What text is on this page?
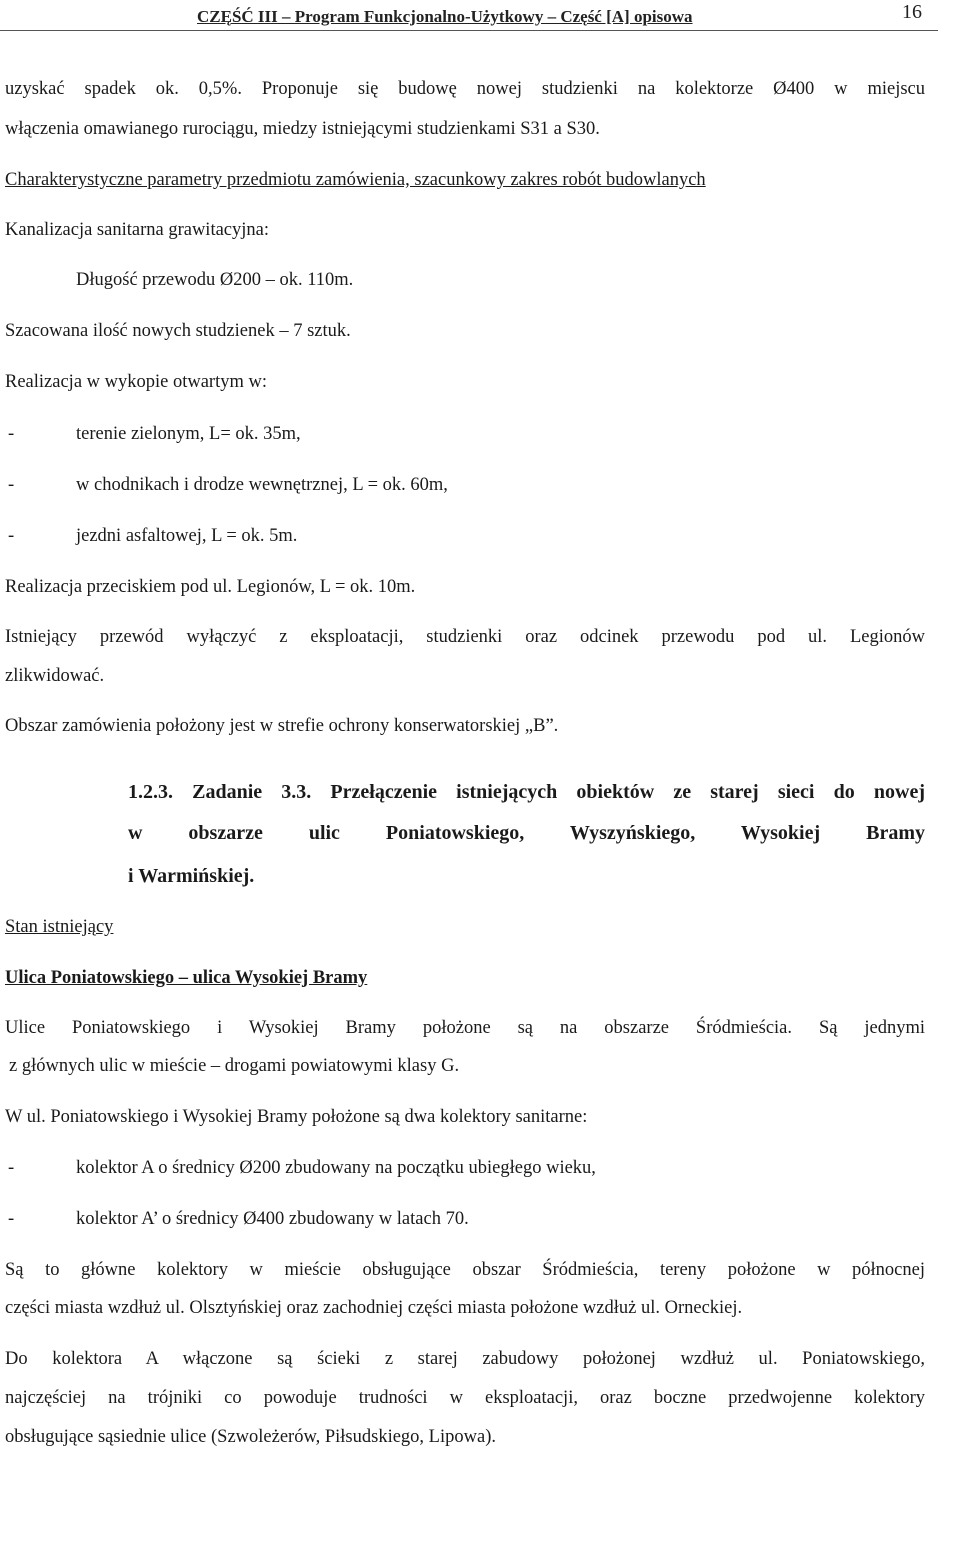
CZĘŚĆ III – Program Funkcjonalno-Użytkowy – Część [A] opisowa	16
uzyskać spadek ok. 0,5%. Proponuje się budowę nowej studzienki na kolektorze Ø400 w miejscu
włączenia omawianego rurociągu, miedzy istniejącymi studzienkami S31 a S30.
Charakterystyczne parametry przedmiotu zamówienia, szacunkowy zakres robót budowlanych
Kanalizacja sanitarna grawitacyjna:
Długość przewodu Ø200 – ok. 110m.
Szacowana ilość nowych studzienek – 7 sztuk.
Realizacja w wykopie otwartym w:
-	terenie zielonym, L= ok. 35m,
-	w chodnikach i drodze wewnętrznej, L = ok. 60m,
-	jezdni asfaltowej, L = ok. 5m.
Realizacja przeciskiem pod ul. Legionów, L = ok. 10m.
Istniejący przewód wyłączyć z eksploatacji, studzienki oraz odcinek przewodu pod ul. Legionów
zlikwidować.
Obszar zamówienia położony jest w strefie ochrony konserwatorskiej „B”.
1.2.3. Zadanie 3.3. Przełączenie istniejących obiektów ze starej sieci do nowej
w obszarze ulic Poniatowskiego, Wyszyńskiego, Wysokiej Bramy
i Warmińskiej.
Stan istniejący
Ulica Poniatowskiego – ulica Wysokiej Bramy
Ulice Poniatowskiego i Wysokiej Bramy położone są na obszarze Śródmieścia. Są jednymi
z głównych ulic w mieście – drogami powiatowymi klasy G.
W ul. Poniatowskiego i Wysokiej Bramy położone są dwa kolektory sanitarne:
-	kolektor A o średnicy Ø200 zbudowany na początku ubiegłego wieku,
-	kolektor A’ o średnicy Ø400 zbudowany w latach 70.
Są to główne kolektory w mieście obsługujące obszar Śródmieścia, tereny położone w północnej
części miasta wzdłuż ul. Olsztyńskiej oraz zachodniej części miasta położone wzdłuż ul. Orneckiej.
Do kolektora A włączone są ścieki z starej zabudowy położonej wzdłuż ul. Poniatowskiego,
najczęściej na trójniki co powoduje trudności w eksploatacji, oraz boczne przedwojenne kolektory
obsługujące sąsiednie ulice (Szwoleżerów, Piłsudskiego, Lipowa).
